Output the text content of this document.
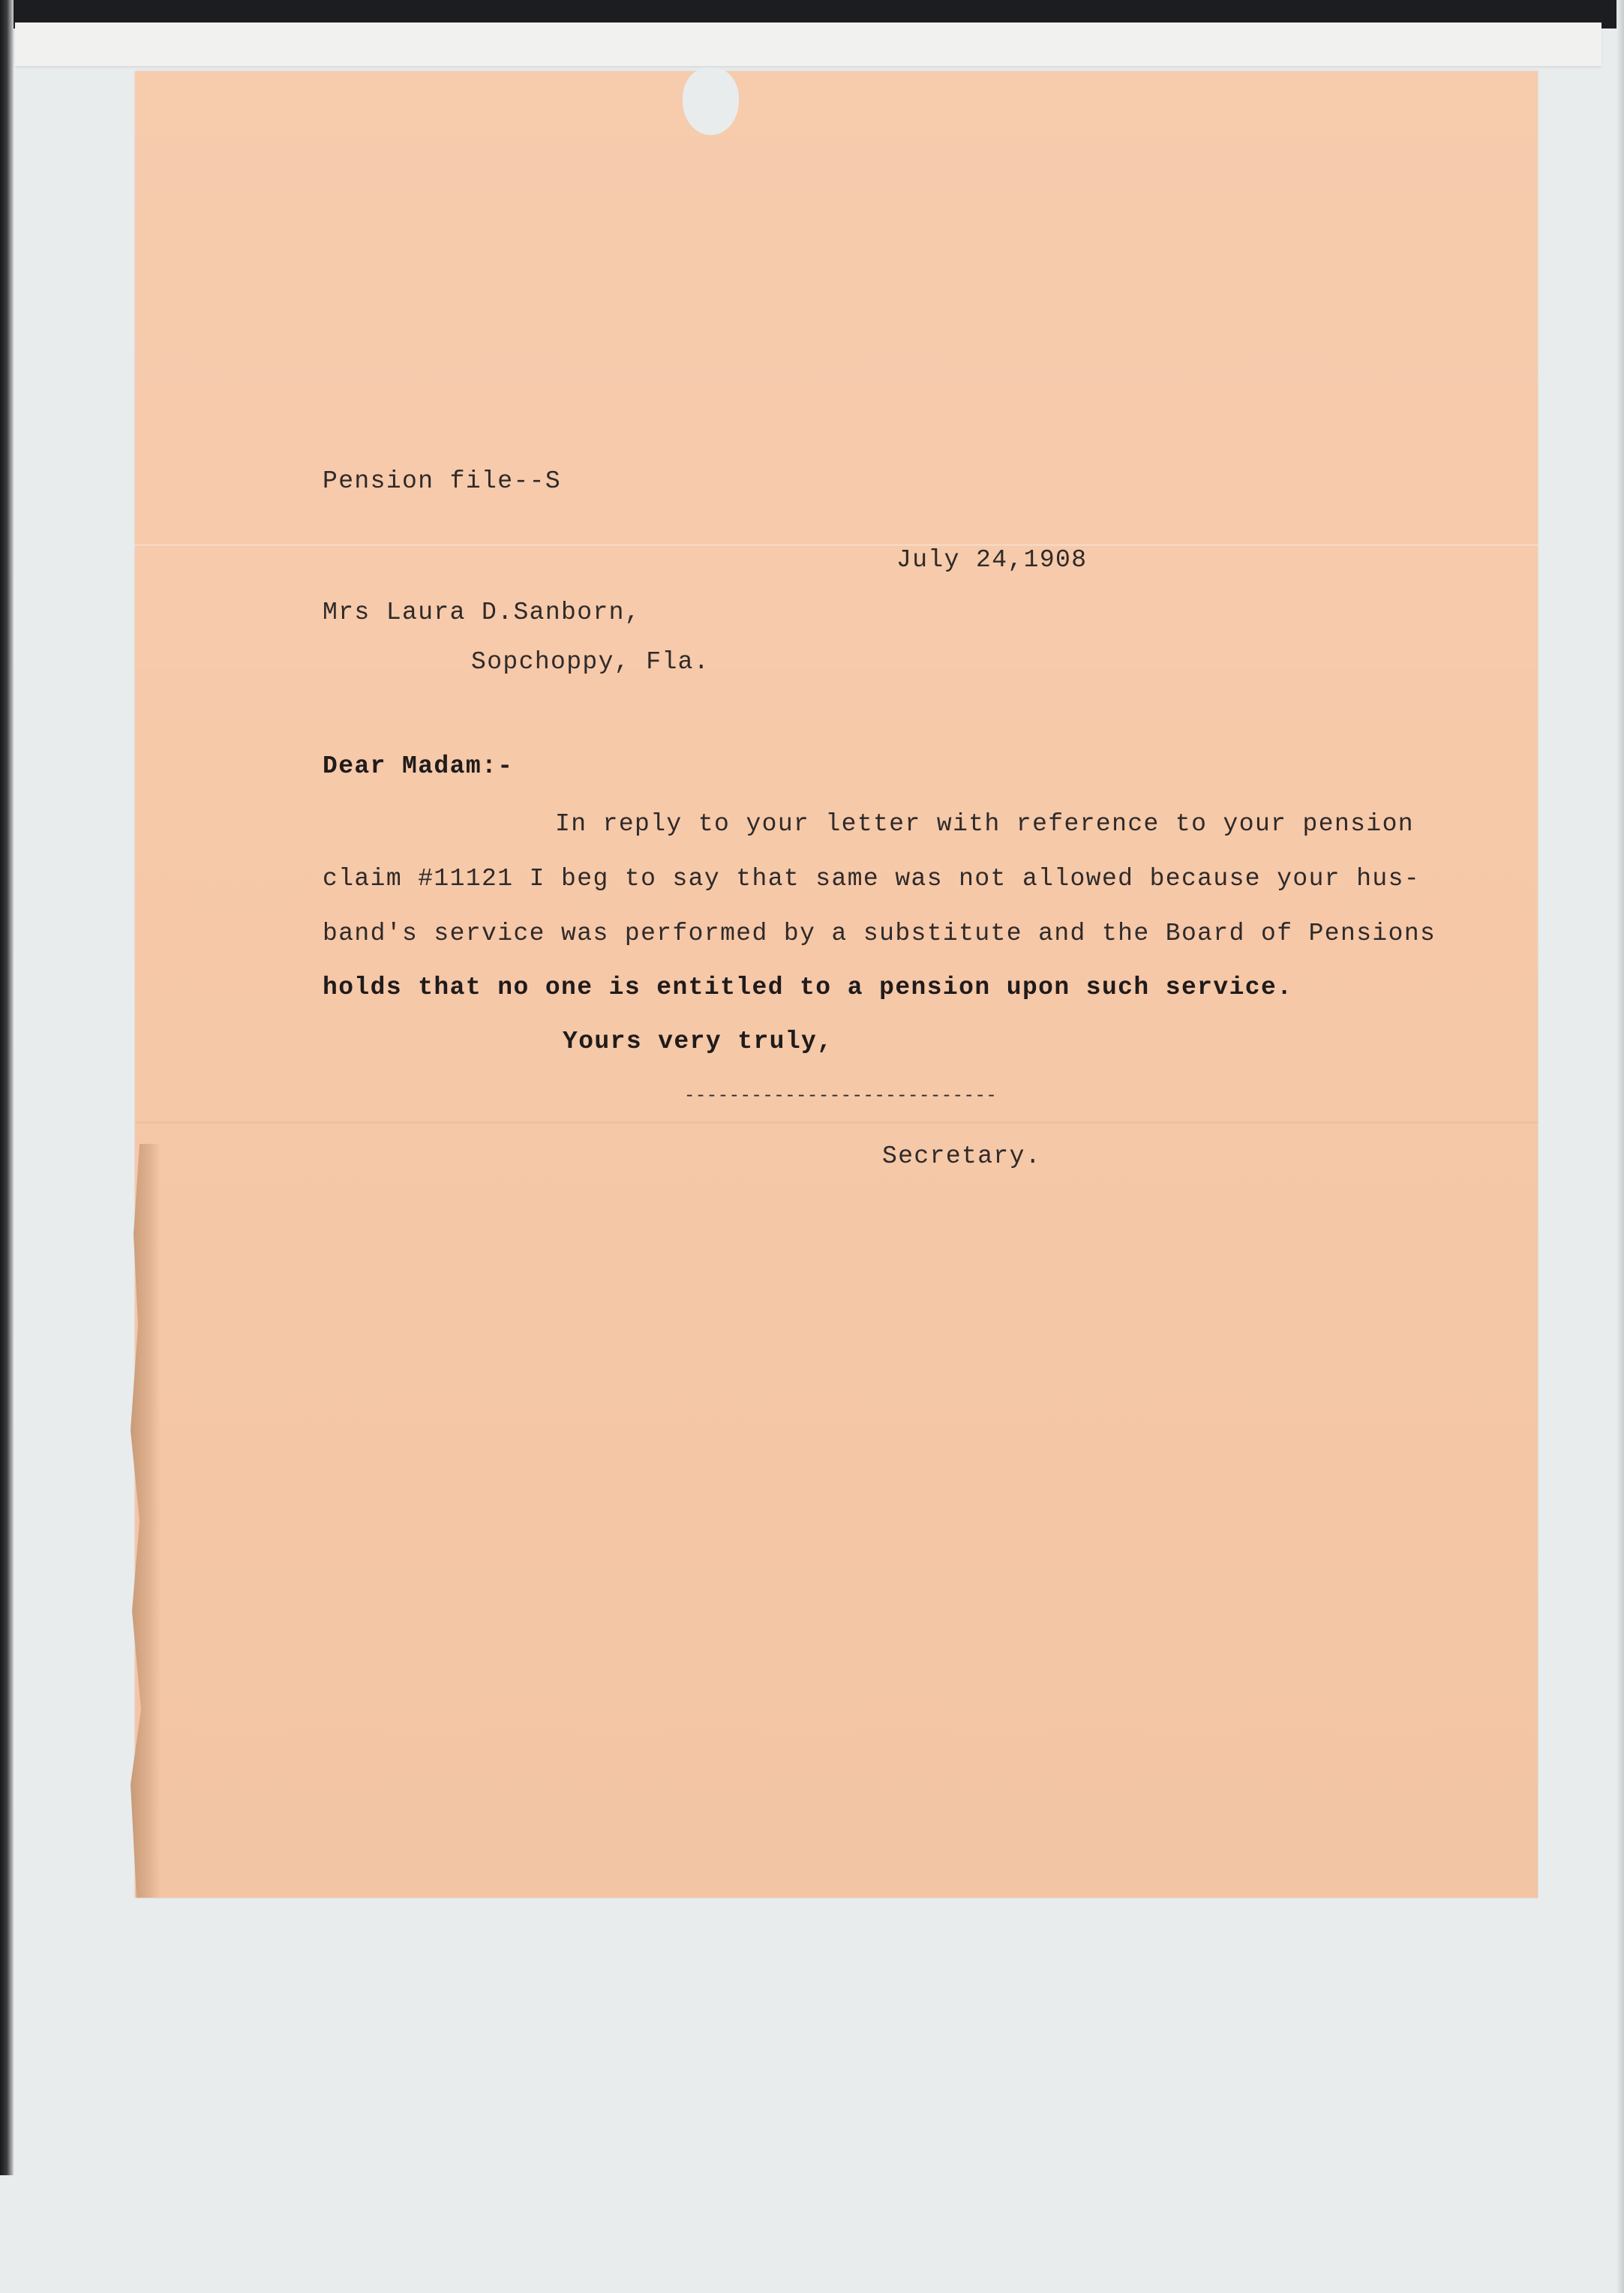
Pension file--S
July 24,1908
Mrs Laura D.Sanborn,
Sopchoppy, Fla.
Dear Madam:-
In reply to your letter with reference to your pension
claim #11121 I beg to say that same was not allowed because your hus-
band's service was performed by a substitute and the Board of Pensions
holds that no one is entitled to a pension upon such service.
Yours very truly,
----------------------------
Secretary.
